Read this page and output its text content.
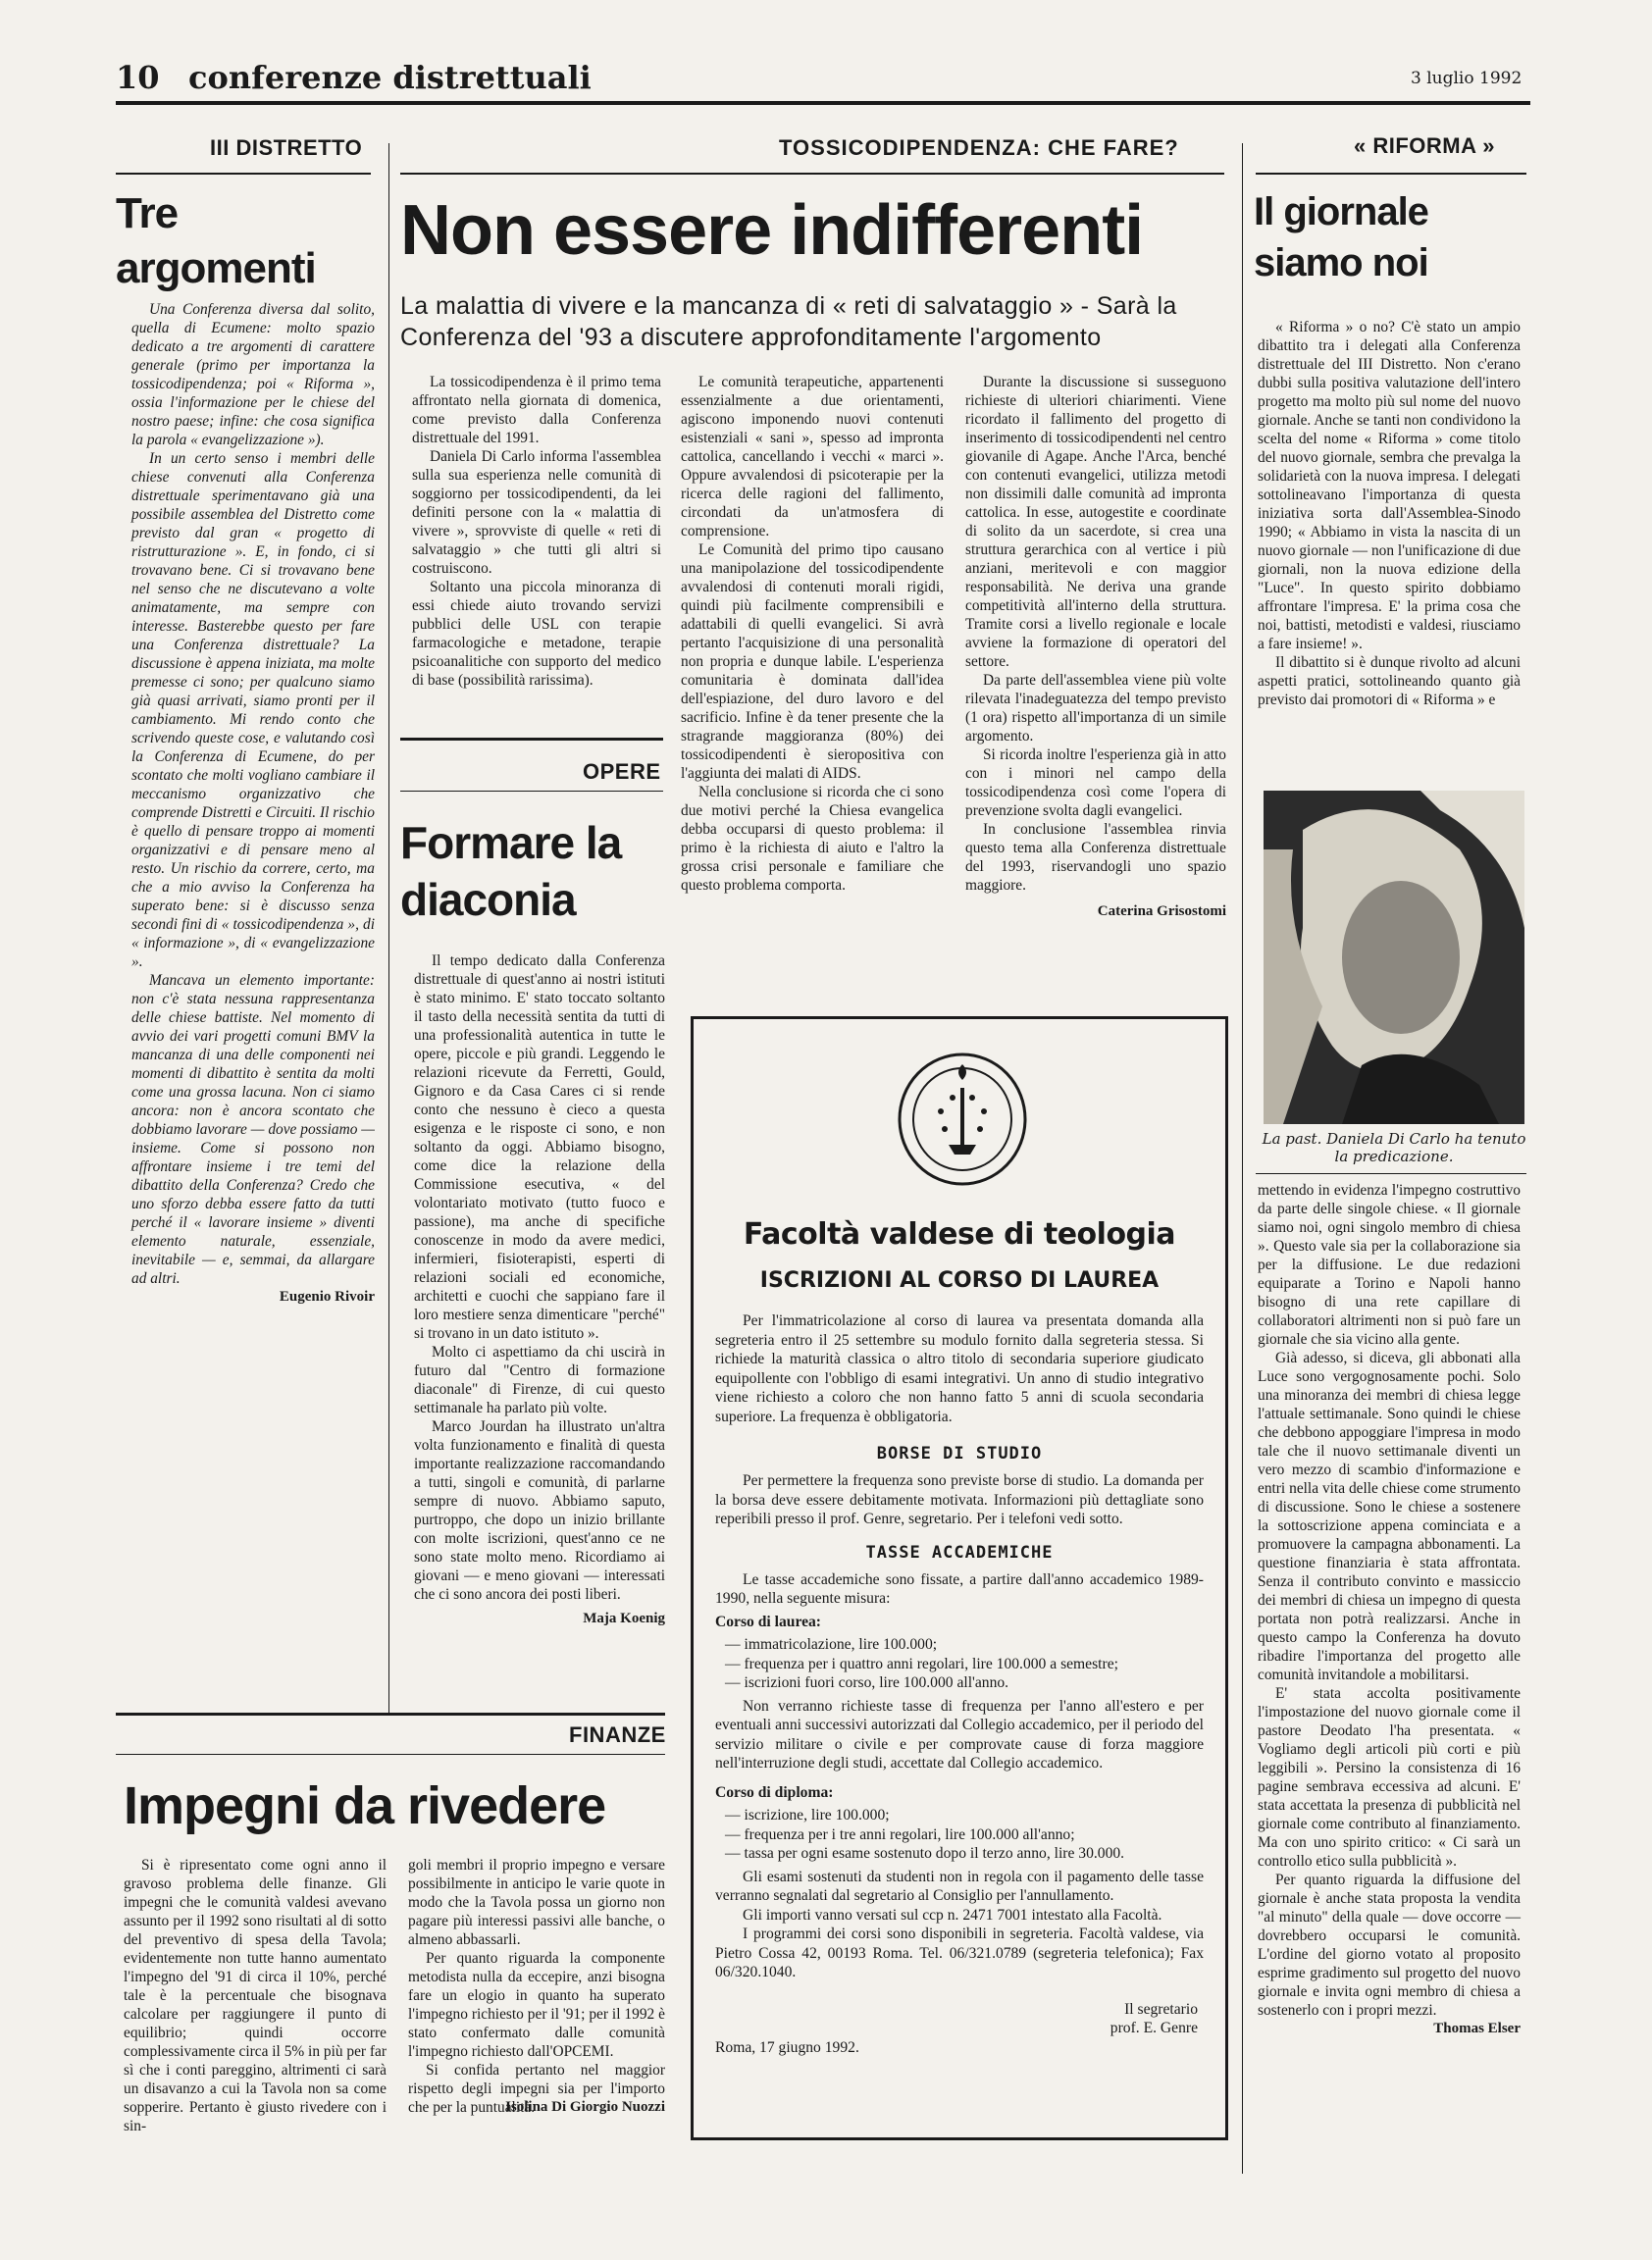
10 conferenze distrettuali	3 luglio 1992
III DISTRETTO
Tre argomenti

Una Conferenza diversa dal solito, quella di Ecumene: molto spazio dedicato a tre argomenti di carattere generale (primo per importanza la tossicodipendenza; poi « Riforma », ossia l'informazione per le chiese del nostro paese; infine: che cosa significa la parola « evangelizzazione »).

In un certo senso i membri delle chiese convenuti alla Conferenza distrettuale sperimentavano già una possibile assemblea del Distretto come previsto dal gran « progetto di ristrutturazione ». E, in fondo, ci si trovavano bene. Ci si trovavano bene nel senso che ne discutevano a volte animatamente, ma sempre con interesse. Basterebbe questo per fare una Conferenza distrettuale? La discussione è appena iniziata, ma molte premesse ci sono; per qualcuno siamo già quasi arrivati, siamo pronti per il cambiamento. Mi rendo conto che scrivendo queste cose, e valutando così la Conferenza di Ecumene, do per scontato che molti vogliano cambiare il meccanismo organizzativo che comprende Distretti e Circuiti. Il rischio è quello di pensare troppo ai momenti organizzativi e di pensare meno al resto. Un rischio da correre, certo, ma che a mio avviso la Conferenza ha superato bene: si è discusso senza secondi fini di « tossicodipendenza », di « informazione », di « evangelizzazione ».

Mancava un elemento importante: non c'è stata nessuna rappresentanza delle chiese battiste. Nel momento di avvio dei vari progetti comuni BMV la mancanza di una delle componenti nei momenti di dibattito è sentita da molti come una grossa lacuna. Non ci siamo ancora: non è ancora scontato che dobbiamo lavorare — dove possiamo — insieme. Come si possono non affrontare insieme i tre temi del dibattito della Conferenza? Credo che uno sforzo debba essere fatto da tutti perché il « lavorare insieme » diventi elemento naturale, essenziale, inevitabile — e, semmai, da allargare ad altri.

Eugenio Rivoir
TOSSICODIPENDENZA: CHE FARE?
Non essere indifferenti
La malattia di vivere e la mancanza di « reti di salvataggio » - Sarà la Conferenza del '93 a discutere approfonditamente l'argomento

La tossicodipendenza è il primo tema affrontato nella giornata di domenica, come previsto dalla Conferenza distrettuale del 1991.

Daniela Di Carlo informa l'assemblea sulla sua esperienza nelle comunità di soggiorno per tossicodipendenti, da lei definiti persone con la « malattia di vivere », sprovviste di quelle « reti di salvataggio » che tutti gli altri si costruiscono.

Soltanto una piccola minoranza di essi chiede aiuto trovando servizi pubblici delle USL con terapie farmacologiche e metadone, terapie psicoanalitiche con supporto del medico di base (possibilità rarissima).

Le comunità terapeutiche, appartenenti essenzialmente a due orientamenti, agiscono imponendo nuovi contenuti esistenziali « sani », spesso ad impronta cattolica, cancellando i vecchi « marci ». Oppure avvalendosi di psicoterapie per la ricerca delle ragioni del fallimento, circondati da un'atmosfera di comprensione.

Le Comunità del primo tipo causano una manipolazione del tossicodipendente avvalendosi di contenuti morali rigidi, quindi più facilmente comprensibili e adattabili di quelli evangelici. Si avrà pertanto l'acquisizione di una personalità non propria e dunque labile. L'esperienza comunitaria è dominata dall'idea dell'espiazione, del duro lavoro e del sacrificio. Infine è da tener presente che la stragrande maggioranza (80%) dei tossicodipendenti è sieropositiva con l'aggiunta dei malati di AIDS.

Nella conclusione si ricorda che ci sono due motivi perché la Chiesa evangelica debba occuparsi di questo problema: il primo è la richiesta di aiuto e l'altro la grossa crisi personale e familiare che questo problema comporta.

Durante la discussione si susseguono richieste di ulteriori chiarimenti. Viene ricordato il fallimento del progetto di inserimento di tossicodipendenti nel centro giovanile di Agape. Anche l'Arca, benché con contenuti evangelici, utilizza metodi non dissimili dalle comunità ad impronta cattolica. In esse, autogestite e coordinate di solito da un sacerdote, si crea una struttura gerarchica con al vertice i più anziani, meritevoli e con maggior responsabilità. Ne deriva una grande competitività all'interno della struttura. Tramite corsi a livello regionale e locale avviene la formazione di operatori del settore.

Da parte dell'assemblea viene più volte rilevata l'inadeguatezza del tempo previsto (1 ora) rispetto all'importanza di un simile argomento.

Si ricorda inoltre l'esperienza già in atto con i minori nel campo della tossicodipendenza così come l'opera di prevenzione svolta dagli evangelici.

In conclusione l'assemblea rinvia questo tema alla Conferenza distrettuale del 1993, riservandogli uno spazio maggiore.

Caterina Grisostomi
OPERE
Formare la diaconia

Il tempo dedicato dalla Conferenza distrettuale di quest'anno ai nostri istituti è stato minimo. E' stato toccato soltanto il tasto della necessità sentita da tutti di una professionalità autentica in tutte le opere, piccole e più grandi. Leggendo le relazioni ricevute da Ferretti, Gould, Gignoro e da Casa Cares ci si rende conto che nessuno è cieco a questa esigenza e le risposte ci sono, e non soltanto da oggi. Abbiamo bisogno, come dice la relazione della Commissione esecutiva, « del volontariato motivato (tutto fuoco e passione), ma anche di specifiche conoscenze in modo da avere medici, infermieri, fisioterapisti, esperti di relazioni sociali ed economiche, architetti e cuochi che sappiano fare il loro mestiere senza dimenticare "perché" si trovano in un dato istituto ».

Molto ci aspettiamo da chi uscirà in futuro dal "Centro di formazione diaconale" di Firenze, di cui questo settimanale ha parlato più volte.

Marco Jourdan ha illustrato un'altra volta funzionamento e finalità di questa importante realizzazione raccomandando a tutti, singoli e comunità, di parlarne sempre di nuovo. Abbiamo saputo, purtroppo, che dopo un inizio brillante con molte iscrizioni, quest'anno ce ne sono state molto meno. Ricordiamo ai giovani — e meno giovani — interessati che ci sono ancora dei posti liberi.

Maja Koenig
« RIFORMA »
Il giornale siamo noi

« Riforma » o no? C'è stato un ampio dibattito tra i delegati alla Conferenza distrettuale del III Distretto. Non c'erano dubbi sulla positiva valutazione dell'intero progetto ma molto più sul nome del nuovo giornale. Anche se tanti non condividono la scelta del nome « Riforma » come titolo del nuovo giornale, sembra che prevalga la solidarietà con la nuova impresa. I delegati sottolineavano l'importanza di questa iniziativa sorta dall'Assemblea-Sinodo 1990; « Abbiamo in vista la nascita di un nuovo giornale — non l'unificazione di due giornali, non la nuova edizione della "Luce". In questo spirito dobbiamo affrontare l'impresa. E' la prima cosa che noi, battisti, metodisti e valdesi, riusciamo a fare insieme! ».

Il dibattito si è dunque rivolto ad alcuni aspetti pratici, sottolineando quanto già previsto dai promotori di « Riforma » e

La past. Daniela Di Carlo ha tenuto la predicazione.

mettendo in evidenza l'impegno costruttivo da parte delle singole chiese. « Il giornale siamo noi, ogni singolo membro di chiesa ». Questo vale sia per la collaborazione sia per la diffusione. Le due redazioni equiparate a Torino e Napoli hanno bisogno di una rete capillare di collaboratori altrimenti non si può fare un giornale che sia vicino alla gente.

Già adesso, si diceva, gli abbonati alla Luce sono vergognosamente pochi. Solo una minoranza dei membri di chiesa legge l'attuale settimanale. Sono quindi le chiese che debbono appoggiare l'impresa in modo tale che il nuovo settimanale diventi un vero mezzo di scambio d'informazione e entri nella vita delle chiese come strumento di discussione. Sono le chiese a sostenere la sottoscrizione appena cominciata e a promuovere la campagna abbonamenti. La questione finanziaria è stata affrontata. Senza il contributo convinto e massiccio dei membri di chiesa un impegno di questa portata non potrà realizzarsi. Anche in questo campo la Conferenza ha dovuto ribadire l'importanza del progetto alle comunità invitandole a mobilitarsi.

E' stata accolta positivamente l'impostazione del nuovo giornale come il pastore Deodato l'ha presentata. « Vogliamo degli articoli più corti e più leggibili ». Persino la consistenza di 16 pagine sembrava eccessiva ad alcuni. E' stata accettata la presenza di pubblicità nel giornale come contributo al finanziamento. Ma con uno spirito critico: « Ci sarà un controllo etico sulla pubblicità ».

Per quanto riguarda la diffusione del giornale è anche stata proposta la vendita "al minuto" della quale — dove occorre — dovrebbero occuparsi le comunità. L'ordine del giorno votato al proposito esprime gradimento sul progetto del nuovo giornale e invita ogni membro di chiesa a sostenerlo con i propri mezzi.

Thomas Elser
FINANZE
Impegni da rivedere

Si è ripresentato come ogni anno il gravoso problema delle finanze. Gli impegni che le comunità valdesi avevano assunto per il 1992 sono risultati al di sotto del preventivo di spesa della Tavola; evidentemente non tutte hanno aumentato l'impegno del '91 di circa il 10%, perché tale è la percentuale che bisognava calcolare per raggiungere il punto di equilibrio; quindi occorre complessivamente circa il 5% in più per far sì che i conti pareggino, altrimenti ci sarà un disavanzo a cui la Tavola non sa come sopperire. Pertanto è giusto rivedere con i sin-

goli membri il proprio impegno e versare possibilmente in anticipo le varie quote in modo che la Tavola possa un giorno non pagare più interessi passivi alle banche, o almeno abbassarli.

Per quanto riguarda la componente metodista nulla da eccepire, anzi bisogna fare un elogio in quanto ha superato l'impegno richiesto per il '91; per il 1992 è stato confermato dalle comunità l'impegno richiesto dall'OPCEMI.

Si confida pertanto nel maggior rispetto degli impegni sia per l'importo che per la puntualità.

Isolina Di Giorgio Nuozzi
Facoltà valdese di teologia
ISCRIZIONI AL CORSO DI LAUREA

Per l'immatricolazione al corso di laurea va presentata domanda alla segreteria entro il 25 settembre su modulo fornito dalla segreteria stessa. Si richiede la maturità classica o altro titolo di secondaria superiore giudicato equipollente con l'obbligo di esami integrativi. Un anno di studio integrativo viene richiesto a coloro che non hanno fatto 5 anni di scuola secondaria superiore. La frequenza è obbligatoria.

BORSE DI STUDIO

Per permettere la frequenza sono previste borse di studio. La domanda per la borsa deve essere debitamente motivata. Informazioni più dettagliate sono reperibili presso il prof. Genre, segretario. Per i telefoni vedi sotto.

TASSE ACCADEMICHE

Le tasse accademiche sono fissate, a partire dall'anno accademico 1989-1990, nella seguente misura:

Corso di laurea:
— immatricolazione, lire 100.000;
— frequenza per i quattro anni regolari, lire 100.000 a semestre;
— iscrizioni fuori corso, lire 100.000 all'anno.

Non verranno richieste tasse di frequenza per l'anno all'estero e per eventuali anni successivi autorizzati dal Collegio accademico, per il periodo del servizio militare o civile e per comprovate cause di forza maggiore nell'interruzione degli studi, accettate dal Collegio accademico.

Corso di diploma:
— iscrizione, lire 100.000;
— frequenza per i tre anni regolari, lire 100.000 all'anno;
— tassa per ogni esame sostenuto dopo il terzo anno, lire 30.000.

Gli esami sostenuti da studenti non in regola con il pagamento delle tasse verranno segnalati dal segretario al Consiglio per l'annullamento.

Gli importi vanno versati sul ccp n. 2471 7001 intestato alla Facoltà.

I programmi dei corsi sono disponibili in segreteria. Facoltà valdese, via Pietro Cossa 42, 00193 Roma. Tel. 06/321.0789 (segreteria telefonica); Fax 06/320.1040.

Il segretario
prof. E. Genre
Roma, 17 giugno 1992.
